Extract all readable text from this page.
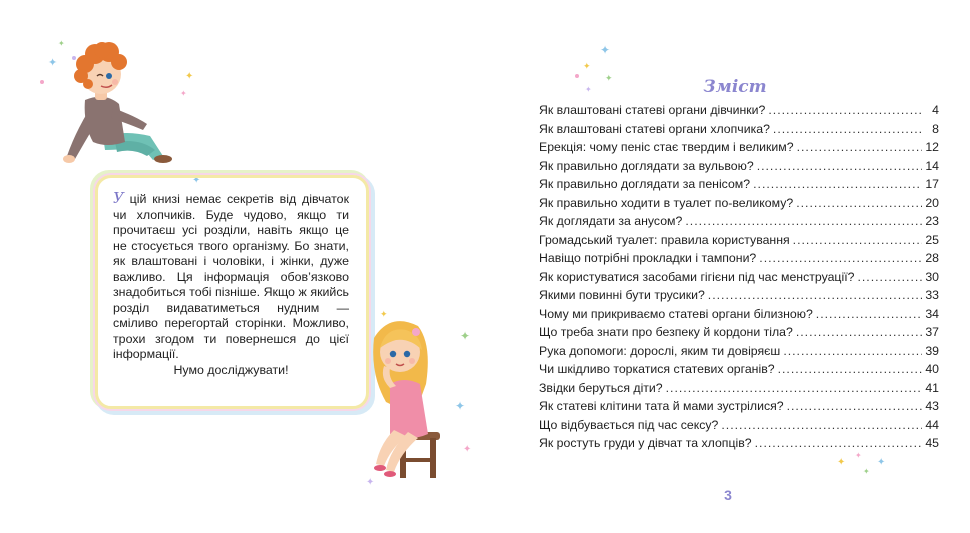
✦
✦
✦
✦
✦
У цій книзі немає секретів від дівчаток чи хлопчиків. Буде чудово, якщо ти прочитаєш усі розділи, навіть якщо це не стосується твого організму. Бо знати, як влаштовані і чоловіки, і жінки, дуже важливо. Ця інформація обов’язково знадобиться тобі пізніше. Якщо ж якийсь розділ видаватиметься нудним — сміливо перегортай сторінки. Можливо, трохи згодом ти повернешся до цієї інформації.
Нумо досліджувати!
✦
✦
✦
✦
✦
✦
✦
✦
✦
✦
✦
✦
✦
Зміст
Як влаштовані статеві органи дівчинки? .....	4
Як влаштовані статеві органи хлопчика? .....	8
Ерекція: чому пеніс стає твердим і великим? .....	12
Як правильно доглядати за вульвою? .....	14
Як правильно доглядати за пенісом? .....	17
Як правильно ходити в туалет по-великому? .....	20
Як доглядати за анусом? .....	23
Громадський туалет: правила користування .....	25
Навіщо потрібні прокладки і тампони? .....	28
Як користуватися засобами гігієни під час менструації? .....	30
Якими повинні бути трусики? .....	33
Чому ми прикриваємо статеві органи білизною? .....	34
Що треба знати про безпеку й кордони тіла? .....	37
Рука допомоги: дорослі, яким ти довіряєш .....	39
Чи шкідливо торкатися статевих органів? .....	40
Звідки беруться діти? .....	41
Як статеві клітини тата й мами зустрілися? .....	43
Що відбувається під час сексу? .....	44
Як ростуть груди у дівчат та хлопців? .....	45
3
